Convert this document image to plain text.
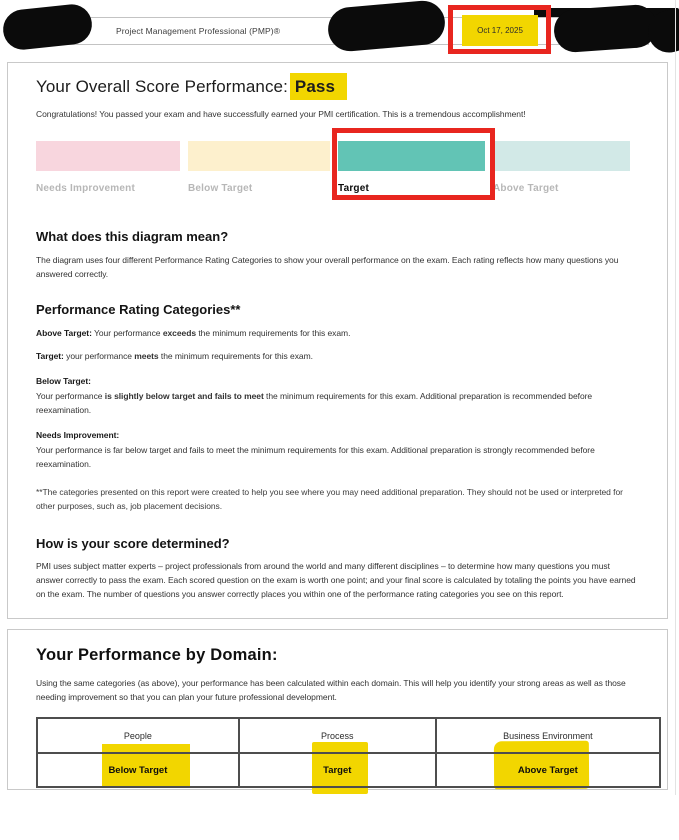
Project Management Professional (PMP)®	Oct 17, 2025
Your Overall Score Performance: Pass

Congratulations! You passed your exam and have successfully earned your PMI certification. This is a tremendous accomplishment!

Needs Improvement	Below Target	Target	Above Target
What does this diagram mean?

The diagram uses four different Performance Rating Categories to show your overall performance on the exam. Each rating reflects how many questions you answered correctly.

Performance Rating Categories**

Above Target: Your performance exceeds the minimum requirements for this exam.

Target: your performance meets the minimum requirements for this exam.

Below Target:

Your performance is slightly below target and fails to meet the minimum requirements for this exam. Additional preparation is recommended before reexamination.

Needs Improvement:

Your performance is far below target and fails to meet the minimum requirements for this exam. Additional preparation is strongly recommended before reexamination.

**The categories presented on this report were created to help you see where you may need additional preparation. They should not be used or interpreted for other purposes, such as, job placement decisions.

How is your score determined?

PMI uses subject matter experts – project professionals from around the world and many different disciplines – to determine how many questions you must answer correctly to pass the exam. Each scored question on the exam is worth one point; and your final score is calculated by totaling the points you have earned on the exam. The number of questions you answer correctly places you within one of the performance rating categories you see on this report.

Your Performance by Domain:

Using the same categories (as above), your performance has been calculated within each domain. This will help you identify your strong areas as well as those needing improvement so that you can plan your future professional development.

People	Process	Business Environment
Below Target	Target	Above Target
